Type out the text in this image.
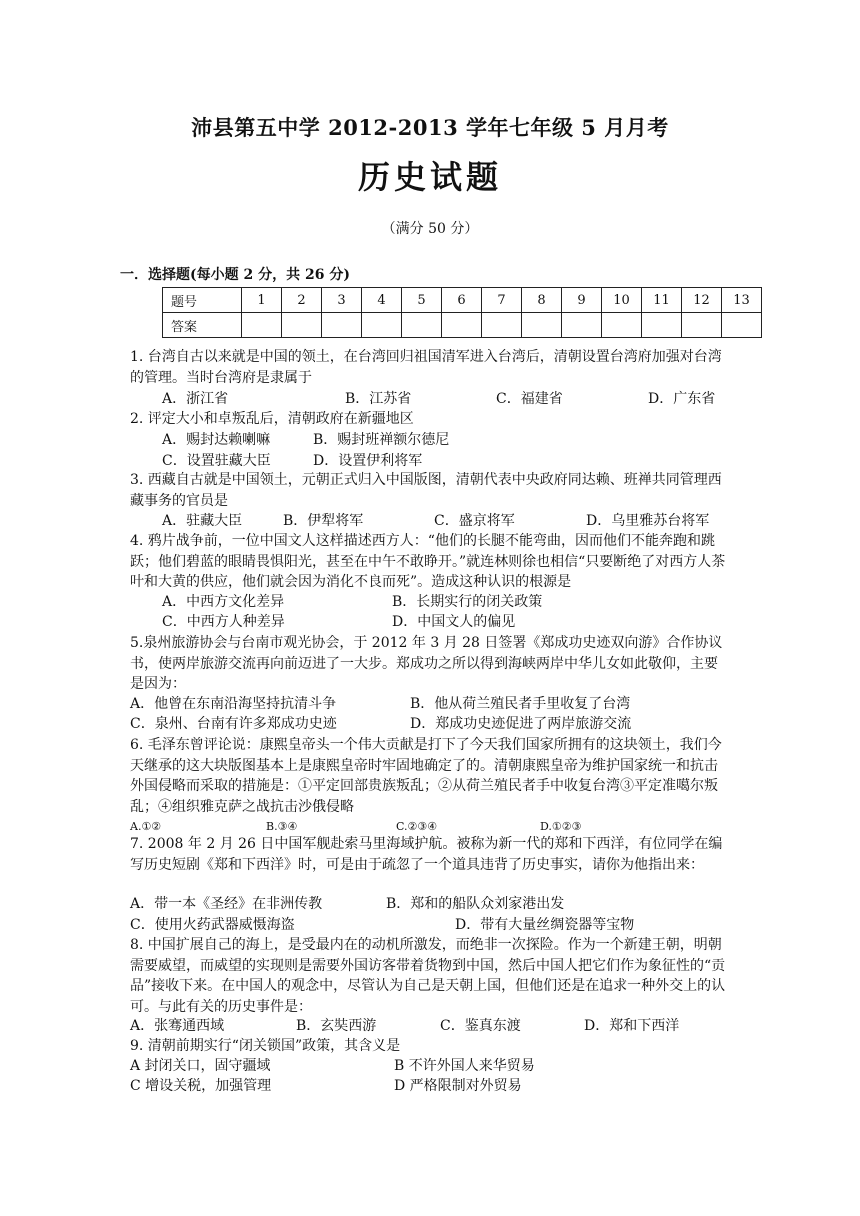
沛县第五中学 2012-2013 学年七年级 5 月月考
历史试题
（满分 50 分）
一．选择题(每小题 2 分，共 26 分)
题号	1	2	3	4	5	6	7	8	9	10	11	12	13
答案													
1. 台湾自古以来就是中国的领土，在台湾回归祖国清军进入台湾后，清朝设置台湾府加强对台湾的管理。当时台湾府是隶属于
A．浙江省	B．江苏省	C．福建省	D．广东省
2. 评定大小和卓叛乱后，清朝政府在新疆地区
A．赐封达赖喇嘛	B．赐封班禅额尔德尼
C．设置驻藏大臣	D．设置伊利将军
3. 西藏自古就是中国领土，元朝正式归入中国版图，清朝代表中央政府同达赖、班禅共同管理西藏事务的官员是
A．驻藏大臣	B．伊犁将军	C．盛京将军	D．乌里雅苏台将军
4. 鸦片战争前，一位中国文人这样描述西方人：“他们的长腿不能弯曲，因而他们不能奔跑和跳跃；他们碧蓝的眼睛畏惧阳光，甚至在中午不敢睁开。”就连林则徐也相信“只要断绝了对西方人茶叶和大黄的供应，他们就会因为消化不良而死”。造成这种认识的根源是
A．中西方文化差异	B．长期实行的闭关政策
C．中西方人种差异	D．中国文人的偏见
5.泉州旅游协会与台南市观光协会，于 2012 年 3 月 28 日签署《郑成功史迹双向游》合作协议书，使两岸旅游交流再向前迈进了一大步。郑成功之所以得到海峡两岸中华儿女如此敬仰，主要是因为：
A．他曾在东南沿海坚持抗清斗争	B．他从荷兰殖民者手里收复了台湾
C．泉州、台南有许多郑成功史迹	D．郑成功史迹促进了两岸旅游交流
6. 毛泽东曾评论说：康熙皇帝头一个伟大贡献是打下了今天我们国家所拥有的这块领土，我们今天继承的这大块版图基本上是康熙皇帝时牢固地确定了的。清朝康熙皇帝为维护国家统一和抗击外国侵略而采取的措施是：①平定回部贵族叛乱；②从荷兰殖民者手中收复台湾③平定准噶尔叛乱；④组织雅克萨之战抗击沙俄侵略
A.①②	B.③④	C.②③④	D.①②③
7. 2008 年 2 月 26 日中国军舰赴索马里海域护航。被称为新一代的郑和下西洋，有位同学在编写历史短剧《郑和下西洋》时，可是由于疏忽了一个道具违背了历史事实，请你为他指出来：
A．带一本《圣经》在非洲传教	B．郑和的船队众刘家港出发
C．使用火药武器威慑海盗	D．带有大量丝绸瓷器等宝物
8. 中国扩展自己的海上，是受最内在的动机所激发，而绝非一次探险。作为一个新建王朝，明朝需要威望，而威望的实现则是需要外国访客带着货物到中国，然后中国人把它们作为象征性的“贡品”接收下来。在中国人的观念中，尽管认为自己是天朝上国，但他们还是在追求一种外交上的认可。与此有关的历史事件是：
A．张骞通西域	B．玄奘西游	C．鉴真东渡	D．郑和下西洋
9. 清朝前期实行“闭关锁国”政策，其含义是
A 封闭关口，固守疆域	B 不许外国人来华贸易
C 增设关税，加强管理	D 严格限制对外贸易
